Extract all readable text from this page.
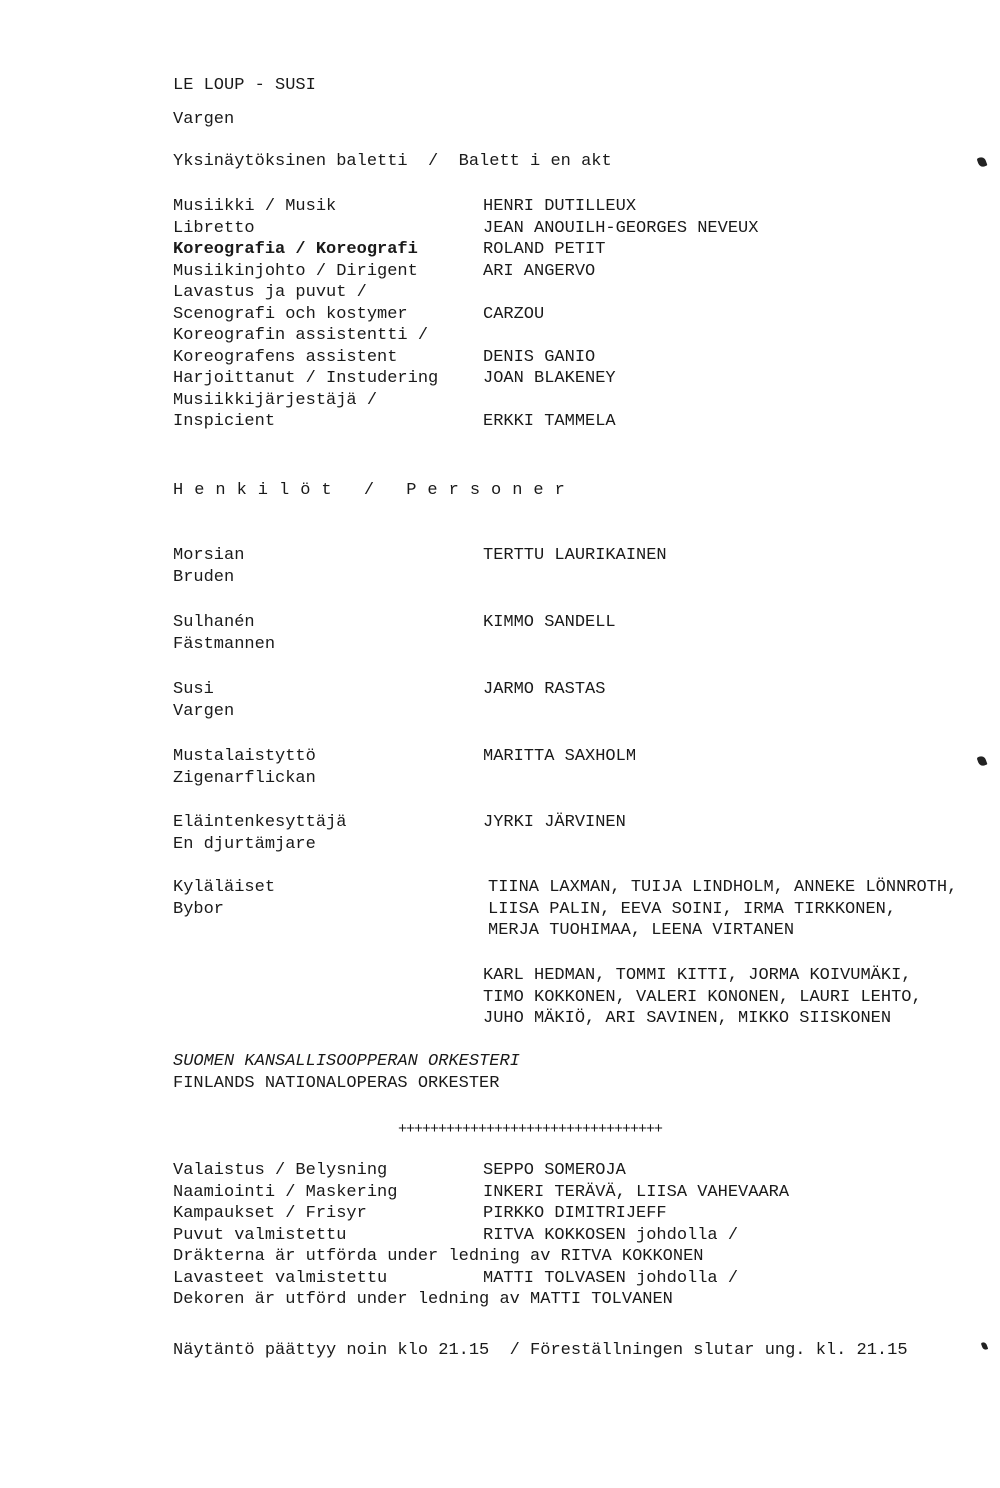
LE LOUP - SUSI
Vargen
Yksinäytöksinen baletti  /  Balett i en akt
Musiikki / Musik	HENRI DUTILLEUX
Libretto	JEAN ANOUILH-GEORGES NEVEUX
Koreografia / Koreografi	ROLAND PETIT
Musiikinjohto / Dirigent	ARI ANGERVO
Lavastus ja puvut /
Scenografi och kostymer	CARZOU
Koreografin assistentti /
Koreografens assistent	DENIS GANIO
Harjoittanut / Instudering	JOAN BLAKENEY
Musiikkijärjestäjä /
Inspicient	ERKKI TAMMELA
Henkilöt / Personer
Morsian	TERTTU LAURIKAINEN
Bruden
Sulhanén	KIMMO SANDELL
Fästmannen
Susi	JARMO RASTAS
Vargen
Mustalaistyttö	MARITTA SAXHOLM
Zigenarflickan
Eläintenkesyttäjä	JYRKI JÄRVINEN
En djurtämjare
Kyläläiset	TIINA LAXMAN, TUIJA LINDHOLM, ANNEKE LÖNNROTH,
Bybor	LIISA PALIN, EEVA SOINI, IRMA TIRKKONEN,
MERJA TUOHIMAA, LEENA VIRTANEN
KARL HEDMAN, TOMMI KITTI, JORMA KOIVUMÄKI,
TIMO KOKKONEN, VALERI KONONEN, LAURI LEHTO,
JUHO MÄKIÖ, ARI SAVINEN, MIKKO SIISKONEN
SUOMEN KANSALLISOOPPERAN ORKESTERI
FINLANDS NATIONALOPERAS ORKESTER
+++++++++++++++++++++++++++++++++
Valaistus / Belysning	SEPPO SOMEROJA
Naamiointi / Maskering	INKERI TERÄVÄ, LIISA VAHEVAARA
Kampaukset / Frisyr	PIRKKO DIMITRIJEFF
Puvut valmistettu	RITVA KOKKOSEN johdolla /
Dräkterna är utförda under ledning av RITVA KOKKONEN
Lavasteet valmistettu	MATTI TOLVASEN johdolla /
Dekoren är utförd under ledning av MATTI TOLVANEN
Näytäntö päättyy noin klo 21.15  / Föreställningen slutar ung. kl. 21.15
